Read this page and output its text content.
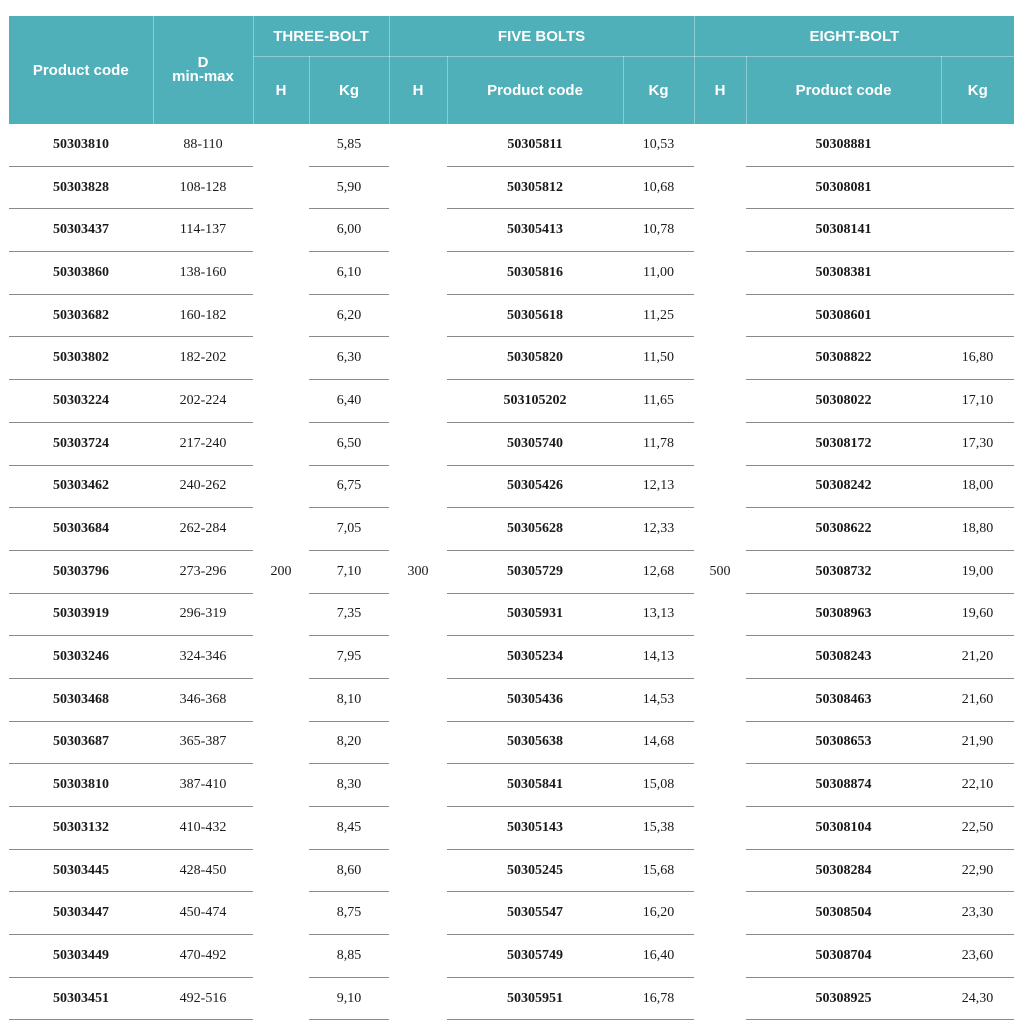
Product code	D
min-max	THREE-BOLT		FIVE BOLTS			EIGHT-BOLT		
		H	Kg	H	Product code	Kg	H	Product code	Kg
50303810	88-110	200	5,85	300	50305811	10,53	500	50308881	
50303828	108-128		5,90		50305812	10,68		50308081	
50303437	114-137		6,00		50305413	10,78		50308141	
50303860	138-160		6,10		50305816	11,00		50308381	
50303682	160-182		6,20		50305618	11,25		50308601	
50303802	182-202		6,30		50305820	11,50		50308822	16,80
50303224	202-224		6,40		503105202	11,65		50308022	17,10
50303724	217-240		6,50		50305740	11,78		50308172	17,30
50303462	240-262		6,75		50305426	12,13		50308242	18,00
50303684	262-284		7,05		50305628	12,33		50308622	18,80
50303796	273-296		7,10		50305729	12,68		50308732	19,00
50303919	296-319		7,35		50305931	13,13		50308963	19,60
50303246	324-346		7,95		50305234	14,13		50308243	21,20
50303468	346-368		8,10		50305436	14,53		50308463	21,60
50303687	365-387		8,20		50305638	14,68		50308653	21,90
50303810	387-410		8,30		50305841	15,08		50308874	22,10
50303132	410-432		8,45		50305143	15,38		50308104	22,50
50303445	428-450		8,60		50305245	15,68		50308284	22,90
50303447	450-474		8,75		50305547	16,20		50308504	23,30
50303449	470-492		8,85		50305749	16,40		50308704	23,60
50303451	492-516		9,10		50305951	16,78		50308925	24,30
